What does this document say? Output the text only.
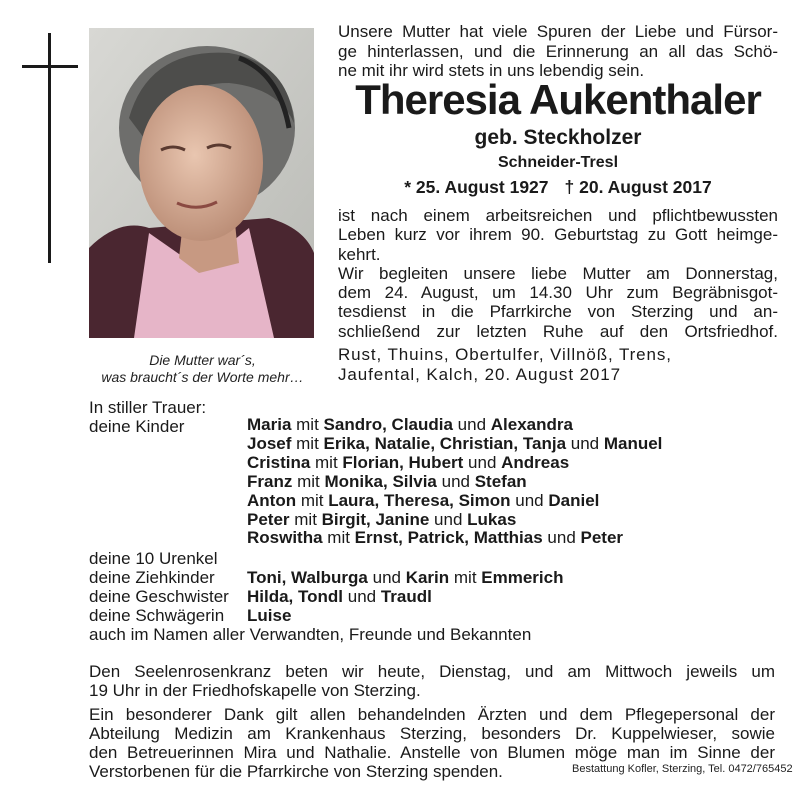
Die Mutter war´s,
was braucht´s der Worte mehr…
Unsere Mutter hat viele Spuren der Liebe und Fürsor-
ge hinterlassen, und die Erinnerung an all das Schö-
ne mit ihr wird stets in uns lebendig sein.
Theresia Aukenthaler
geb. Steckholzer
Schneider-Tresl
* 25. August 1927 † 20. August 2017
ist nach einem arbeitsreichen und pflichtbewussten
Leben kurz vor ihrem 90. Geburtstag zu Gott heimge-
kehrt.
Wir begleiten unsere liebe Mutter am Donnerstag,
dem 24. August, um 14.30 Uhr zum Begräbnisgot-
tesdienst in die Pfarrkirche von Sterzing und an-
schließend zur letzten Ruhe auf den Ortsfriedhof.
Rust, Thuins, Obertulfer, Villnöß, Trens,
Jaufental, Kalch, 20. August 2017
In stiller Trauer:
deine Kinder	Maria mit Sandro, Claudia und Alexandra
Josef mit Erika, Natalie, Christian, Tanja und Manuel
Cristina mit Florian, Hubert und Andreas
Franz mit Monika, Silvia und Stefan
Anton mit Laura, Theresa, Simon und Daniel
Peter mit Birgit, Janine und Lukas
Roswitha mit Ernst, Patrick, Matthias und Peter
deine 10 Urenkel
deine Ziehkinder Toni, Walburga und Karin mit Emmerich
deine Geschwister Hilda, Tondl und Traudl
deine Schwägerin Luise
auch im Namen aller Verwandten, Freunde und Bekannten
Den Seelenrosenkranz beten wir heute, Dienstag, und am Mittwoch jeweils um
19 Uhr in der Friedhofskapelle von Sterzing.
Ein besonderer Dank gilt allen behandelnden Ärzten und dem Pflegepersonal der
Abteilung Medizin am Krankenhaus Sterzing, besonders Dr. Kuppelwieser, sowie
den Betreuerinnen Mira und Nathalie. Anstelle von Blumen möge man im Sinne der
Verstorbenen für die Pfarrkirche von Sterzing spenden.	Bestattung Kofler, Sterzing, Tel. 0472/765452
